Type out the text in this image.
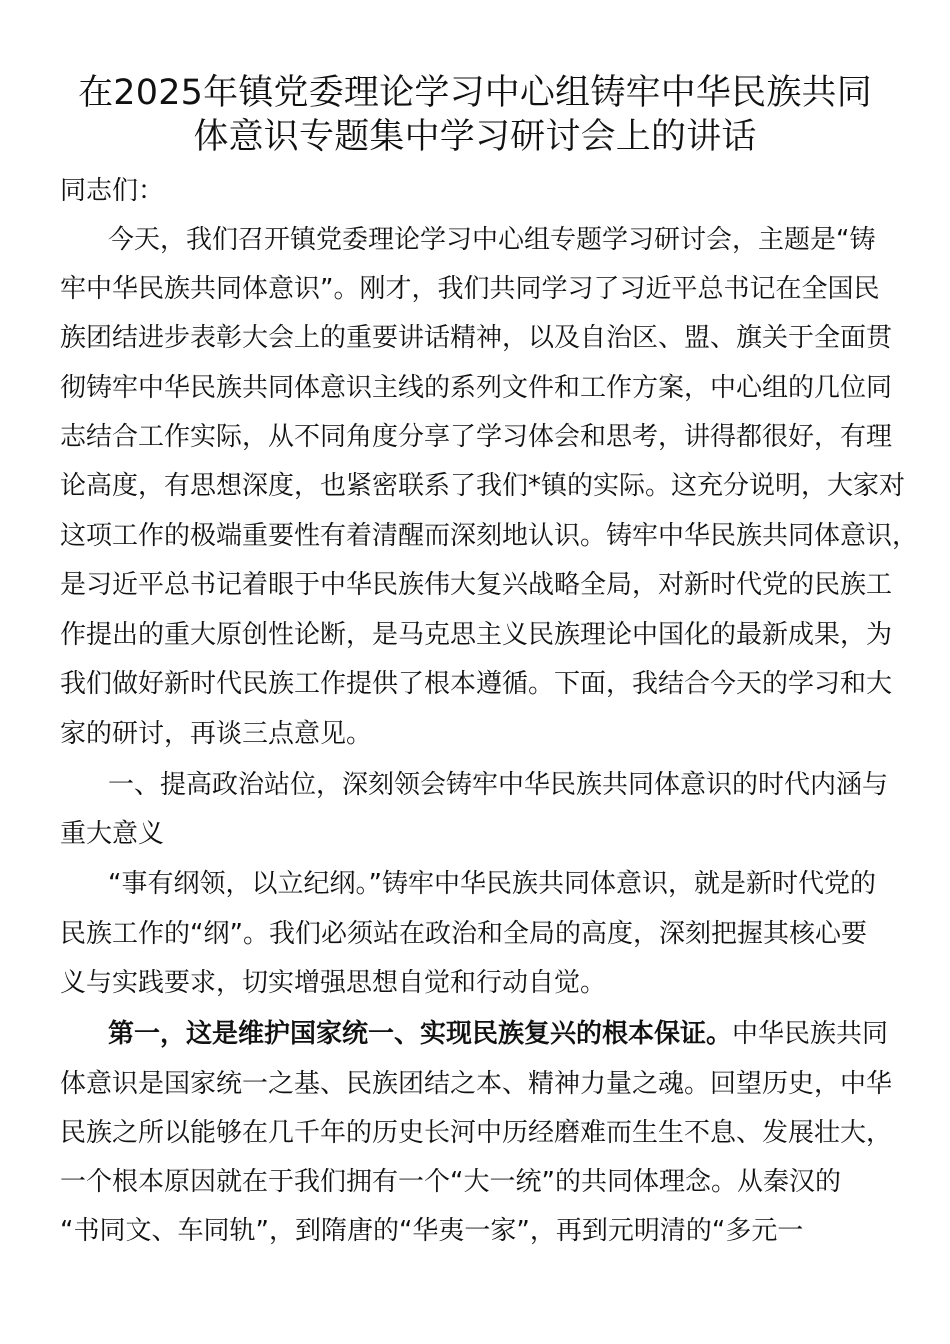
在2025年镇党委理论学习中心组铸牢中华民族共同
体意识专题集中学习研讨会上的讲话

同志们：

今天，我们召开镇党委理论学习中心组专题学习研讨会，主题是“铸

牢中华民族共同体意识”。刚才，我们共同学习了习近平总书记在全国民

族团结进步表彰大会上的重要讲话精神，以及自治区、盟、旗关于全面贯

彻铸牢中华民族共同体意识主线的系列文件和工作方案，中心组的几位同

志结合工作实际，从不同角度分享了学习体会和思考，讲得都很好，有理

论高度，有思想深度，也紧密联系了我们*镇的实际。这充分说明，大家对

这项工作的极端重要性有着清醒而深刻地认识。铸牢中华民族共同体意识，

是习近平总书记着眼于中华民族伟大复兴战略全局，对新时代党的民族工

作提出的重大原创性论断，是马克思主义民族理论中国化的最新成果，为

我们做好新时代民族工作提供了根本遵循。下面，我结合今天的学习和大

家的研讨，再谈三点意见。

一、提高政治站位，深刻领会铸牢中华民族共同体意识的时代内涵与

重大意义

“事有纲领，以立纪纲。”铸牢中华民族共同体意识，就是新时代党的

民族工作的“纲”。我们必须站在政治和全局的高度，深刻把握其核心要

义与实践要求，切实增强思想自觉和行动自觉。

第一，这是维护国家统一、实现民族复兴的根本保证。中华民族共同

体意识是国家统一之基、民族团结之本、精神力量之魂。回望历史，中华

民族之所以能够在几千年的历史长河中历经磨难而生生不息、发展壮大，

一个根本原因就在于我们拥有一个“大一统”的共同体理念。从秦汉的

“书同文、车同轨”，到隋唐的“华夷一家”，再到元明清的“多元一
